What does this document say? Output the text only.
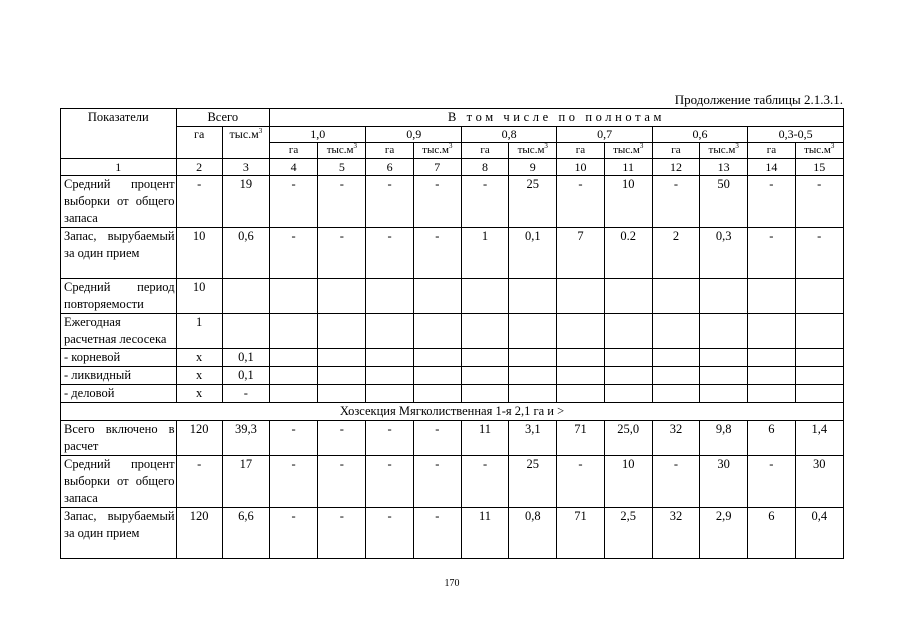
Продолжение таблицы 2.1.3.1.
Показатели	Всего		В том числе по полнотам											
	га	$тыс.м^3$	1,0		0,9		0,8		0,7		0,6		0,3-0,5	
			га	$тыс.м^3$	га	$тыс.м^3$	га	$тыс.м^3$	га	$тыс.м^3$	га	$тыс.м^3$	га	$тыс.м^3$
1	2	3	4	5	6	7	8	9	10	11	12	13	14	15
Средний процент выборки от общего запаса	-	19	-	-	-	-	-	25	-	10	-	50	-	-
Запас, вырубаемый за один прием	10	0,6	-	-	-	-	1	0,1	7	0.2	2	0,3	-	-
Средний период повторяемости	10													
Ежегодная расчетная лесосека	1													
- корневой	х	0,1												
- ликвидный	х	0,1												
- деловой	х	-												
Хозсекция Мягколиственная 1-я 2,1 га и >														
Всего включено в расчет	120	39,3	-	-	-	-	11	3,1	71	25,0	32	9,8	6	1,4
Средний процент выборки от общего запаса	-	17	-	-	-	-	-	25	-	10	-	30	-	30
Запас, вырубаемый за один прием	120	6,6	-	-	-	-	11	0,8	71	2,5	32	2,9	6	0,4
170
